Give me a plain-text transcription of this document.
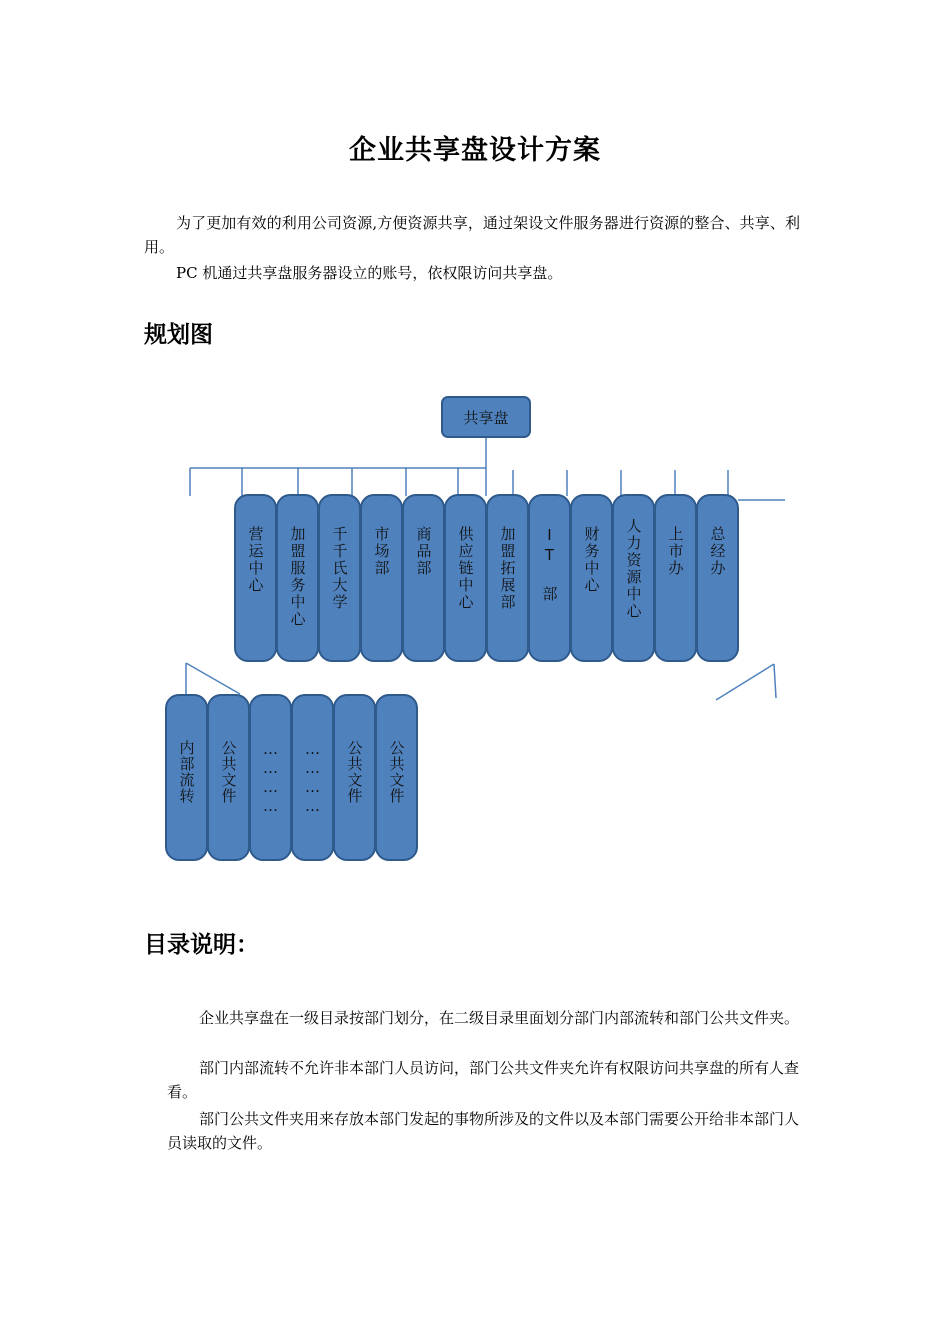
企业共享盘设计方案

为了更加有效的利用公司资源,方便资源共享，通过架设文件服务器进行资源的整合、共享、利用。

PC 机通过共享盘服务器设立的账号，依权限访问共享盘。

规划图
共享盘
营运中心 加盟服务中心 千千氏大学 市场部 商品部 供应链中心 加盟拓展部 IT 部 财务中心 人力资源中心 上市办 总经办
内部流转 公共文件 ………… ………… 公共文件 公共文件
目录说明：

企业共享盘在一级目录按部门划分，在二级目录里面划分部门内部流转和部门公共文件夹。

部门内部流转不允许非本部门人员访问，部门公共文件夹允许有权限访问共享盘的所有人查看。

部门公共文件夹用来存放本部门发起的事物所涉及的文件以及本部门需要公开给非本部门人员读取的文件。
